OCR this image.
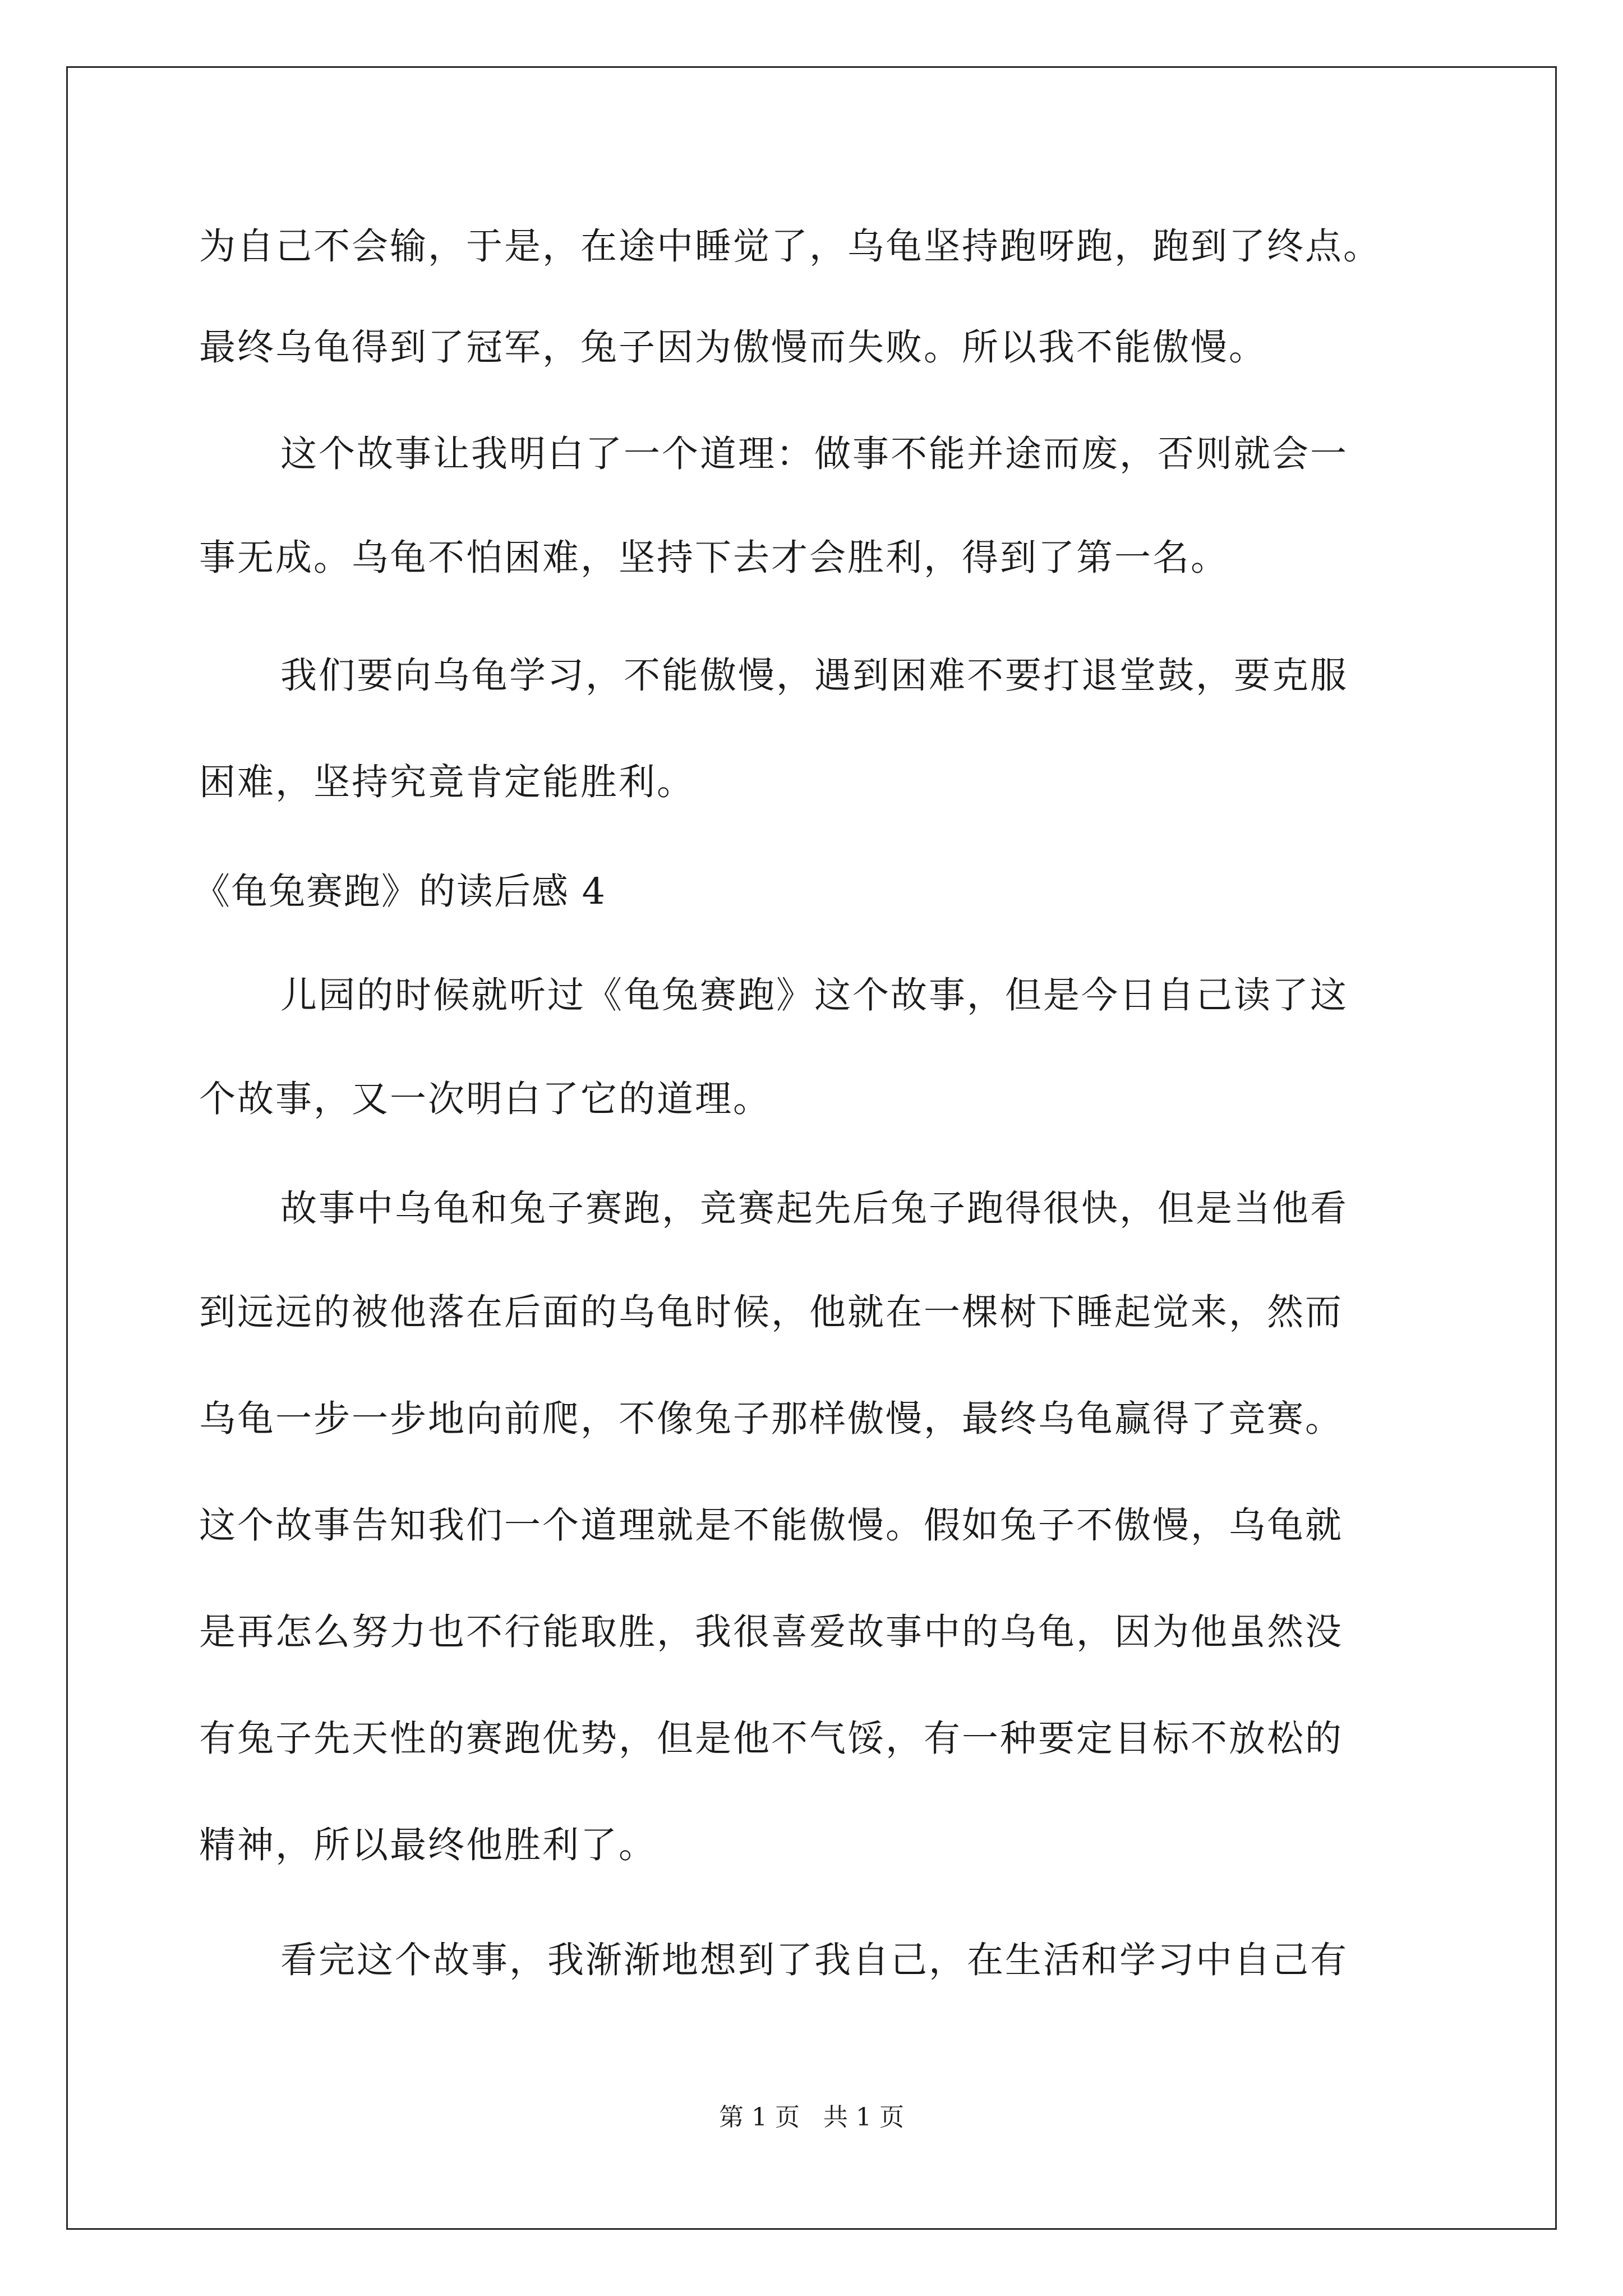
为自己不会输，于是，在途中睡觉了，乌龟坚持跑呀跑，跑到了终点。
最终乌龟得到了冠军，兔子因为傲慢而失败。所以我不能傲慢。
这个故事让我明白了一个道理：做事不能并途而废，否则就会一
事无成。乌龟不怕困难，坚持下去才会胜利，得到了第一名。
我们要向乌龟学习，不能傲慢，遇到困难不要打退堂鼓，要克服
困难，坚持究竟肯定能胜利。
《龟兔赛跑》的读后感 4
儿园的时候就听过《龟兔赛跑》这个故事，但是今日自己读了这
个故事，又一次明白了它的道理。
故事中乌龟和兔子赛跑，竞赛起先后兔子跑得很快，但是当他看
到远远的被他落在后面的乌龟时候，他就在一棵树下睡起觉来，然而
乌龟一步一步地向前爬，不像兔子那样傲慢，最终乌龟赢得了竞赛。
这个故事告知我们一个道理就是不能傲慢。假如兔子不傲慢，乌龟就
是再怎么努力也不行能取胜，我很喜爱故事中的乌龟，因为他虽然没
有兔子先天性的赛跑优势，但是他不气馁，有一种要定目标不放松的
精神，所以最终他胜利了。
看完这个故事，我渐渐地想到了我自己，在生活和学习中自己有
第 1 页   共 1 页
